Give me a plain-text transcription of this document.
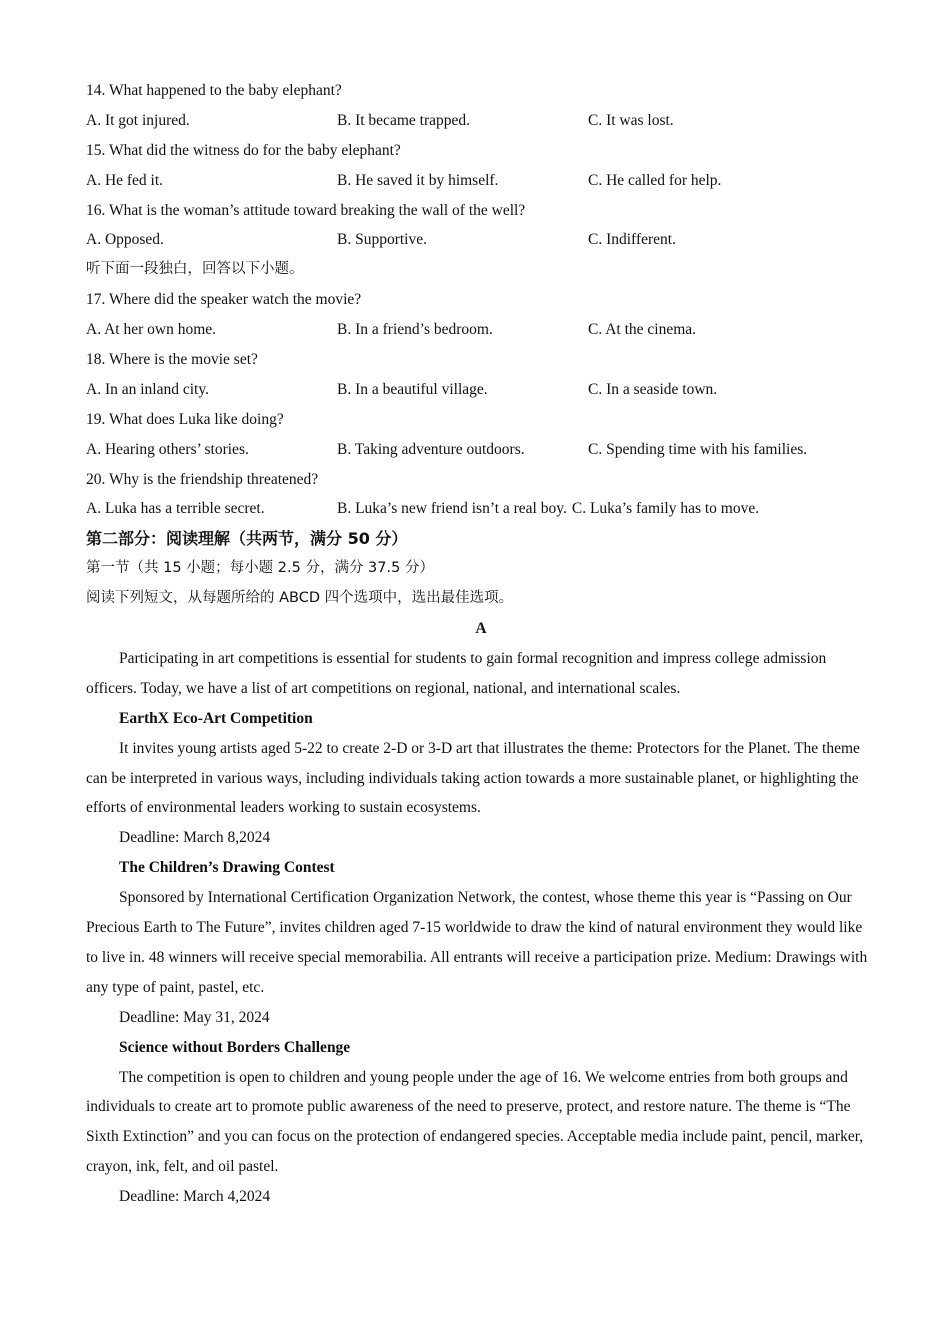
14. What happened to the baby elephant?
A. It got injured.	B. It became trapped.	C. It was lost.
15. What did the witness do for the baby elephant?
A. He fed it.	B. He saved it by himself.	C. He called for help.
16. What is the woman’s attitude toward breaking the wall of the well?
A. Opposed.	B. Supportive.	C. Indifferent.
听下面一段独白，回答以下小题。
17. Where did the speaker watch the movie?
A. At her own home.	B. In a friend’s bedroom.	C. At the cinema.
18. Where is the movie set?
A. In an inland city.	B. In a beautiful village.	C. In a seaside town.
19. What does Luka like doing?
A. Hearing others’ stories.	B. Taking adventure outdoors.	C. Spending time with his families.
20. Why is the friendship threatened?
A. Luka has a terrible secret.	B. Luka’s new friend isn’t a real boy. C. Luka’s family has to move.
第二部分：阅读理解（共两节，满分 50 分）
第一节（共 15 小题；每小题 2.5 分，满分 37.5 分）
阅读下列短文，从每题所给的 ABCD 四个选项中，选出最佳选项。
A

Participating in art competitions is essential for students to gain formal recognition and impress college admission officers. Today, we have a list of art competitions on regional, national, and international scales.

EarthX Eco-Art Competition

It invites young artists aged 5-22 to create 2-D or 3-D art that illustrates the theme: Protectors for the Planet. The theme can be interpreted in various ways, including individuals taking action towards a more sustainable planet, or highlighting the efforts of environmental leaders working to sustain ecosystems.

Deadline: March 8,2024
The Children’s Drawing Contest

Sponsored by International Certification Organization Network, the contest, whose theme this year is “Passing on Our Precious Earth to The Future”, invites children aged 7-15 worldwide to draw the kind of natural environment they would like to live in. 48 winners will receive special memorabilia. All entrants will receive a participation prize. Medium: Drawings with any type of paint, pastel, etc.

Deadline: May 31, 2024
Science without Borders Challenge

The competition is open to children and young people under the age of 16. We welcome entries from both groups and individuals to create art to promote public awareness of the need to preserve, protect, and restore nature. The theme is “The Sixth Extinction” and you can focus on the protection of endangered species. Acceptable media include paint, pencil, marker, crayon, ink, felt, and oil pastel.

Deadline: March 4,2024
